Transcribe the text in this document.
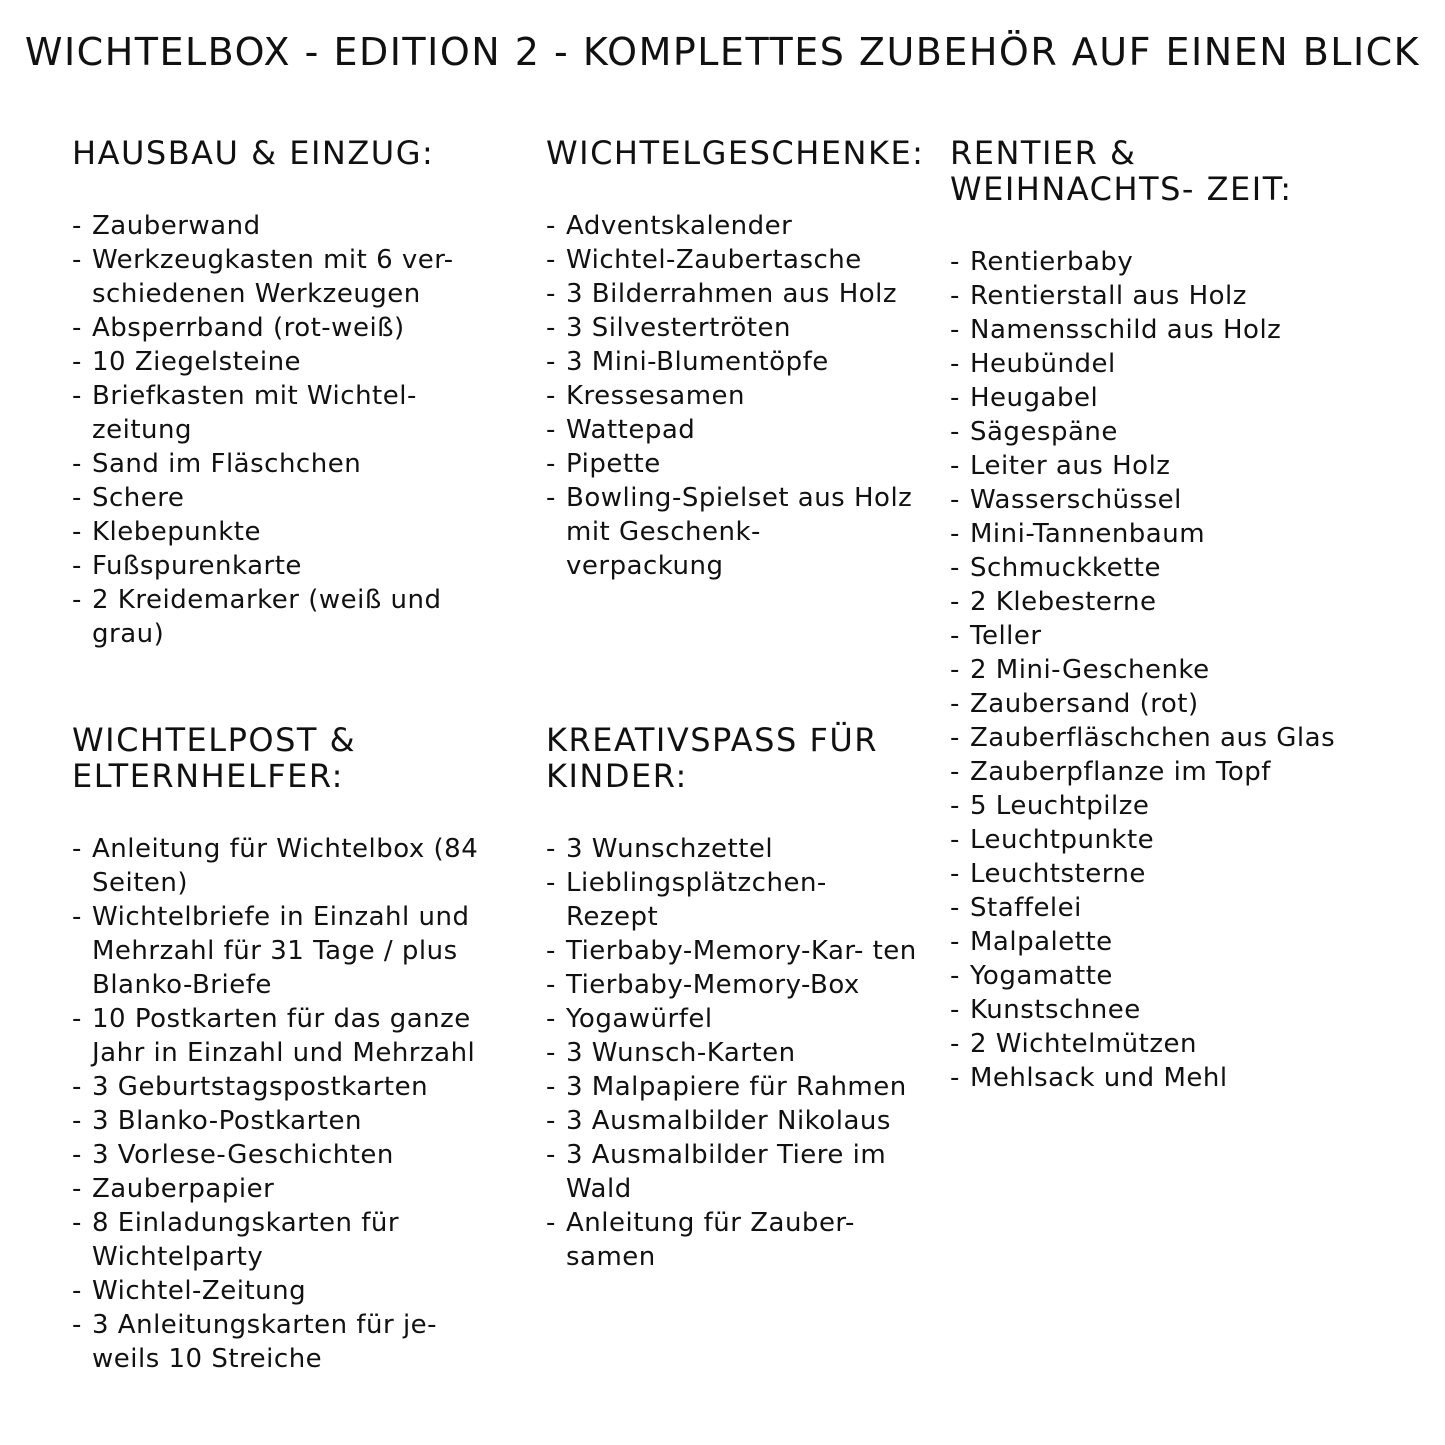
WICHTELBOX - EDITION 2 - KOMPLETTES ZUBEHÖR AUF EINEN BLICK
HAUSBAU & EINZUG:
- Zauberwand
- Werkzeugkasten mit 6 ver- schiedenen Werkzeugen
- Absperrband (rot-weiß)
- 10 Ziegelsteine
- Briefkasten mit Wichtel- zeitung
- Sand im Fläschchen
- Schere
- Klebepunkte
- Fußspurenkarte
- 2 Kreidemarker (weiß und grau)
WICHTELGESCHENKE:
- Adventskalender
- Wichtel-Zaubertasche
- 3 Bilderrahmen aus Holz
- 3 Silvestertröten
- 3 Mini-Blumentöpfe
- Kressesamen
- Wattepad
- Pipette
- Bowling-Spielset aus Holz mit Geschenk- verpackung
RENTIER & WEIHNACHTS- ZEIT:
- Rentierbaby
- Rentierstall aus Holz
- Namensschild aus Holz
- Heubündel
- Heugabel
- Sägespäne
- Leiter aus Holz
- Wasserschüssel
- Mini-Tannenbaum
- Schmuckkette
- 2 Klebesterne
- Teller
- 2 Mini-Geschenke
- Zaubersand (rot)
- Zauberfläschchen aus Glas
- Zauberpflanze im Topf
- 5 Leuchtpilze
- Leuchtpunkte
- Leuchtsterne
- Staffelei
- Malpalette
- Yogamatte
- Kunstschnee
- 2 Wichtelmützen
- Mehlsack und Mehl
WICHTELPOST & ELTERNHELFER:
- Anleitung für Wichtelbox (84 Seiten)
- Wichtelbriefe in Einzahl und Mehrzahl für 31 Tage / plus Blanko-Briefe
- 10 Postkarten für das ganze Jahr in Einzahl und Mehrzahl
- 3 Geburtstagspostkarten
- 3 Blanko-Postkarten
- 3 Vorlese-Geschichten
- Zauberpapier
- 8 Einladungskarten für Wichtelparty
- Wichtel-Zeitung
- 3 Anleitungskarten für je- weils 10 Streiche
KREATIVSPASS FÜR KINDER:
- 3 Wunschzettel
- Lieblingsplätzchen- Rezept
- Tierbaby-Memory-Kar- ten
- Tierbaby-Memory-Box
- Yogawürfel
- 3 Wunsch-Karten
- 3 Malpapiere für Rahmen
- 3 Ausmalbilder Nikolaus
- 3 Ausmalbilder Tiere im Wald
- Anleitung für Zauber- samen
